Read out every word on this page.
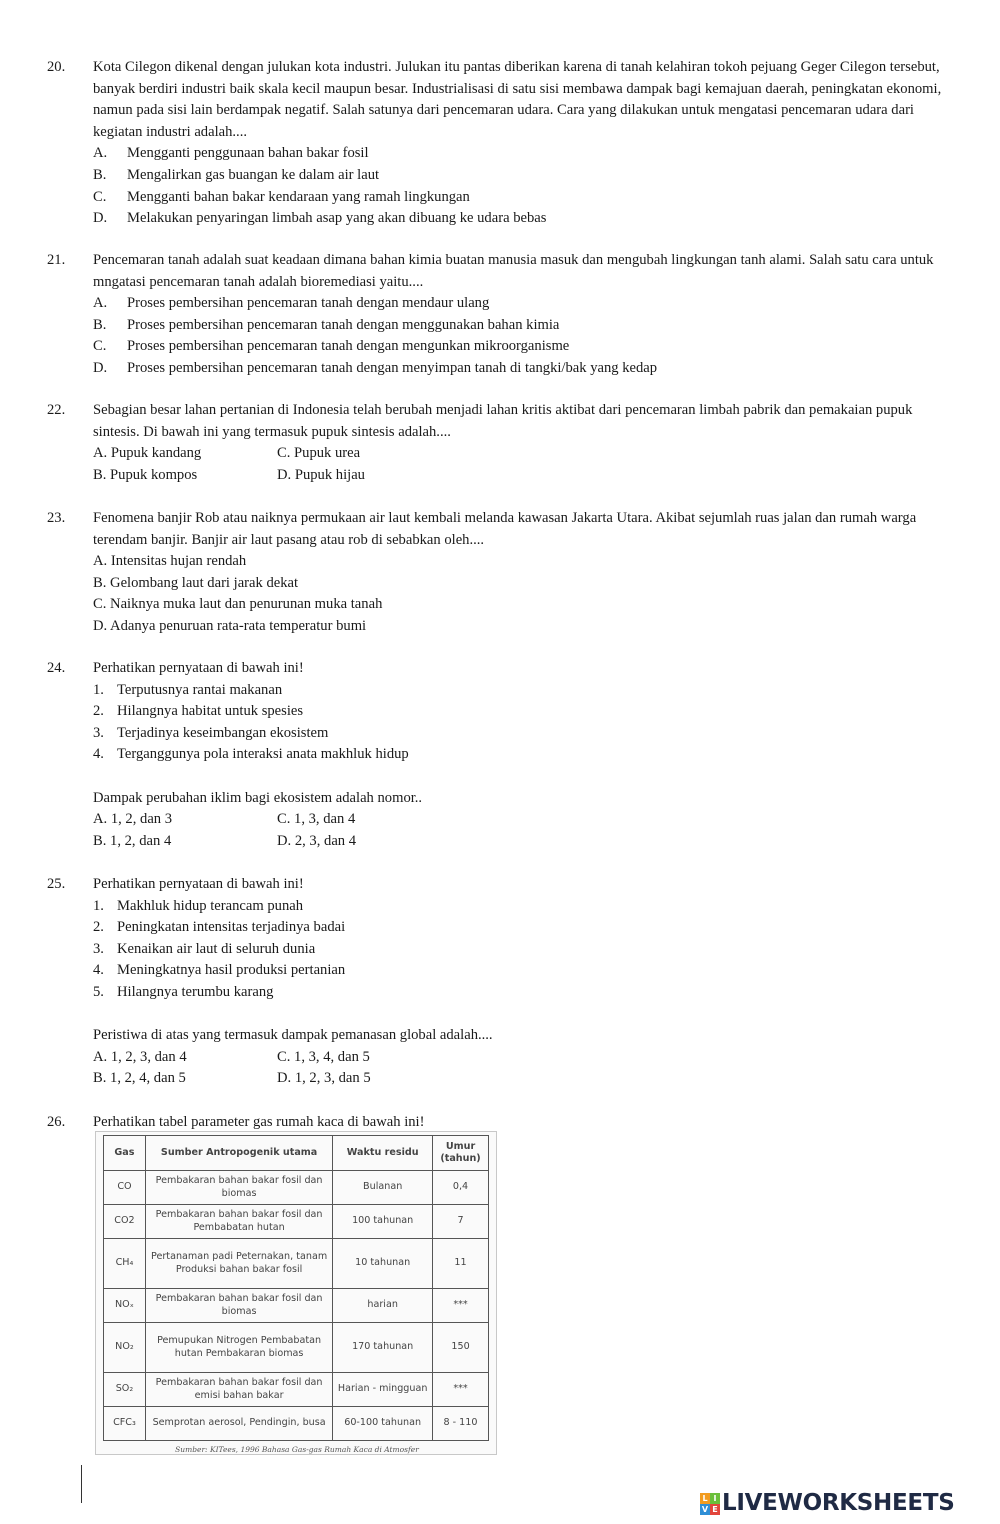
20. Kota Cilegon dikenal dengan julukan kota industri. Julukan itu pantas diberikan karena di tanah kelahiran tokoh pejuang Geger Cilegon tersebut, banyak berdiri industri baik skala kecil maupun besar. Industrialisasi di satu sisi membawa dampak bagi kemajuan daerah, peningkatan ekonomi, namun pada sisi lain berdampak negatif. Salah satunya dari pencemaran udara. Cara yang dilakukan untuk mengatasi pencemaran udara dari kegiatan industri adalah....

A. Mengganti penggunaan bahan bakar fosil
B. Mengalirkan gas buangan ke dalam air laut
C. Mengganti bahan bakar kendaraan yang ramah lingkungan
D. Melakukan penyaringan limbah asap yang akan dibuang ke udara bebas
21. Pencemaran tanah adalah suat keadaan dimana bahan kimia buatan manusia masuk dan mengubah lingkungan tanh alami. Salah satu cara untuk mngatasi pencemaran tanah adalah bioremediasi yaitu....

A. Proses pembersihan pencemaran tanah dengan mendaur ulang
B. Proses pembersihan pencemaran tanah dengan menggunakan bahan kimia
C. Proses pembersihan pencemaran tanah dengan mengunkan mikroorganisme
D. Proses pembersihan pencemaran tanah dengan menyimpan tanah di tangki/bak yang kedap
22. Sebagian besar lahan pertanian di Indonesia telah berubah menjadi lahan kritis aktibat dari pencemaran limbah pabrik dan pemakaian pupuk sintesis. Di bawah ini yang termasuk pupuk sintesis adalah....

A. Pupuk kandang	C. Pupuk urea
B. Pupuk kompos	D. Pupuk hijau
23. Fenomena banjir Rob atau naiknya permukaan air laut kembali melanda kawasan Jakarta Utara. Akibat sejumlah ruas jalan dan rumah warga terendam banjir. Banjir air laut pasang atau rob di sebabkan oleh....

A. Intensitas hujan rendah
B. Gelombang laut dari jarak dekat
C. Naiknya muka laut dan penurunan muka tanah
D. Adanya penuruan rata-rata temperatur bumi
24. Perhatikan pernyataan di bawah ini!

1. Terputusnya rantai makanan
2. Hilangnya habitat untuk spesies
3. Terjadinya keseimbangan ekosistem
4. Terganggunya pola interaksi anata makhluk hidup
Dampak perubahan iklim bagi ekosistem adalah nomor..
A. 1, 2, dan 3	C. 1, 3, dan 4
B. 1, 2, dan 4	D. 2, 3, dan 4
25. Perhatikan pernyataan di bawah ini!

1. Makhluk hidup terancam punah
2. Peningkatan intensitas terjadinya badai
3. Kenaikan air laut di seluruh dunia
4. Meningkatnya hasil produksi pertanian
5. Hilangnya terumbu karang
Peristiwa di atas yang termasuk dampak pemanasan global adalah....
A. 1, 2, 3, dan 4	C. 1, 3, 4, dan 5
B. 1, 2, 4, dan 5	D. 1, 2, 3, dan 5
26. Perhatikan tabel parameter gas rumah kaca di bawah ini!

Gas	Sumber Antropogenik utama	Waktu residu	Umur (tahun)
CO	Pembakaran bahan bakar fosil dan biomas	Bulanan	0,4
CO2	Pembakaran bahan bakar fosil dan Pembabatan hutan	100 tahunan	7
CH₄	Pertanaman padi Peternakan, tanam Produksi bahan bakar fosil	10 tahunan	11
NOₓ	Pembakaran bahan bakar fosil dan biomas	harian	***
NO₂	Pemupukan Nitrogen Pembabatan hutan Pembakaran biomas	170 tahunan	150
SO₂	Pembakaran bahan bakar fosil dan emisi bahan bakar	Harian - mingguan	***
CFC₃	Semprotan aerosol, Pendingin, busa	60-100 tahunan	8 - 110
Sumber: KITees, 1996 Bahasa Gas-gas Rumah Kaca di Atmosfer
L I
V E LIVEWORKSHEETS
